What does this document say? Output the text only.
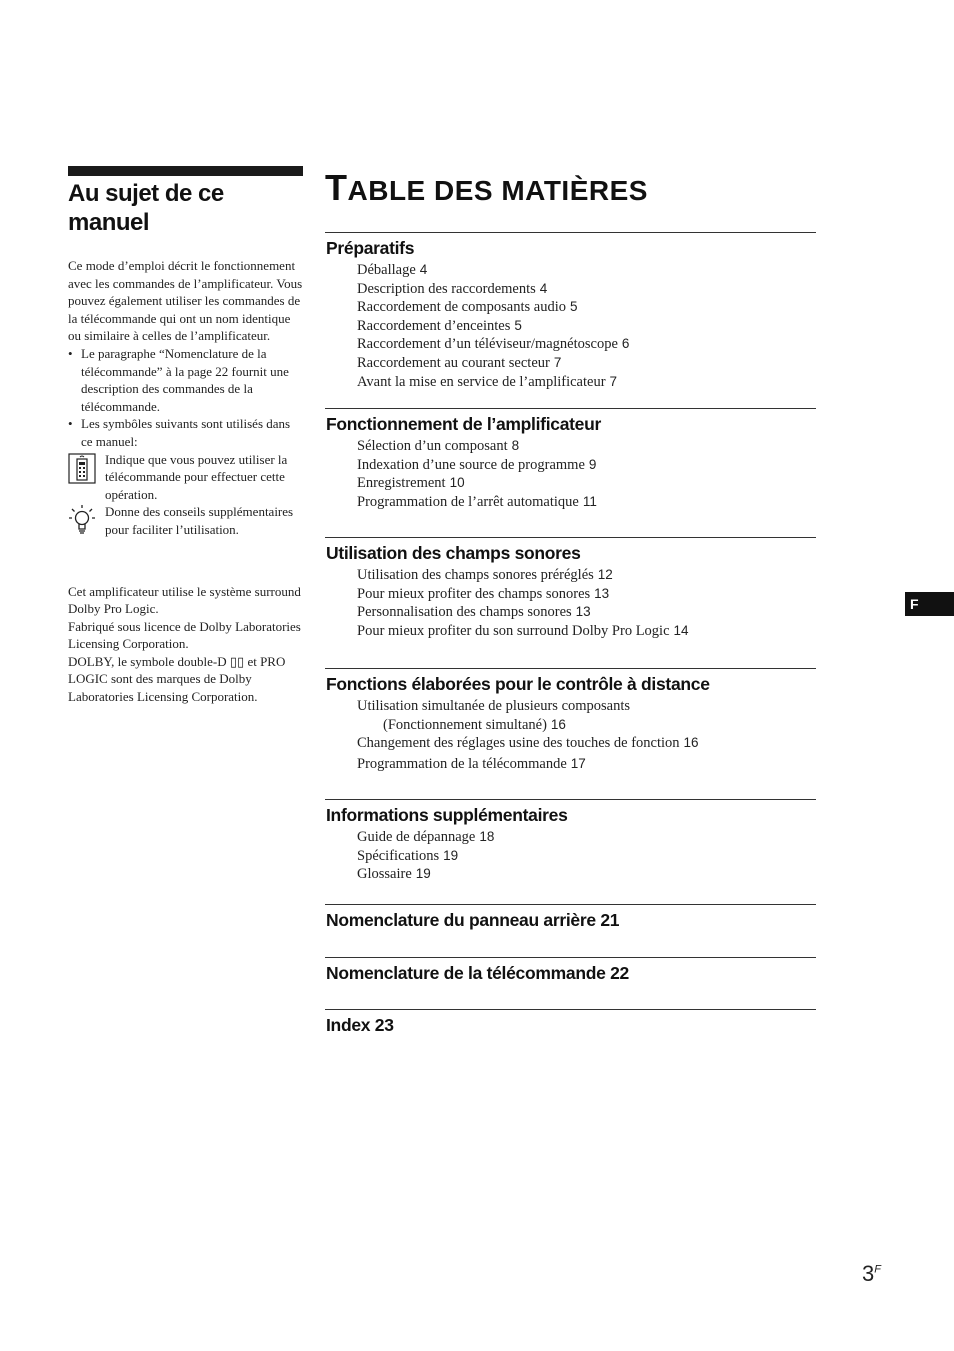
Au sujet de ce manuel

Ce mode d’emploi décrit le fonctionnement avec les commandes de l’amplificateur. Vous pouvez également utiliser les commandes de la télécommande qui ont un nom identique ou similaire à celles de l’amplificateur.

• Le paragraphe “Nomenclature de la télécommande” à la page 22 fournit une description des commandes de la télécommande.
• Les symbôles suivants sont utilisés dans ce manuel:
Indique que vous pouvez utiliser la télécommande pour effectuer cette opération.
Donne des conseils supplémentaires pour faciliter l’utilisation.

Cet amplificateur utilise le système surround Dolby Pro Logic.

Fabriqué sous licence de Dolby Laboratories Licensing Corporation.

DOLBY, le symbole double-D ▯▯ et PRO LOGIC sont des marques de Dolby Laboratories Licensing Corporation.

TABLE DES MATIÈRES
Préparatifs
Déballage 4
Description des raccordements 4
Raccordement de composants audio 5
Raccordement d’enceintes 5
Raccordement d’un téléviseur/magnétoscope 6
Raccordement au courant secteur 7
Avant la mise en service de l’amplificateur 7
Fonctionnement de l’amplificateur
Sélection d’un composant 8
Indexation d’une source de programme 9
Enregistrement 10
Programmation de l’arrêt automatique 11
Utilisation des champs sonores
Utilisation des champs sonores préréglés 12
Pour mieux profiter des champs sonores 13
Personnalisation des champs sonores 13
Pour mieux profiter du son surround Dolby Pro Logic 14
Fonctions élaborées pour le contrôle à distance
Utilisation simultanée de plusieurs composants
(Fonctionnement simultané) 16
Changement des réglages usine des touches de fonction 16
Programmation de la télécommande 17
Informations supplémentaires
Guide de dépannage 18
Spécifications 19
Glossaire 19
Nomenclature du panneau arrière 21
Nomenclature de la télécommande 22
Index 23
F
$3^F$
